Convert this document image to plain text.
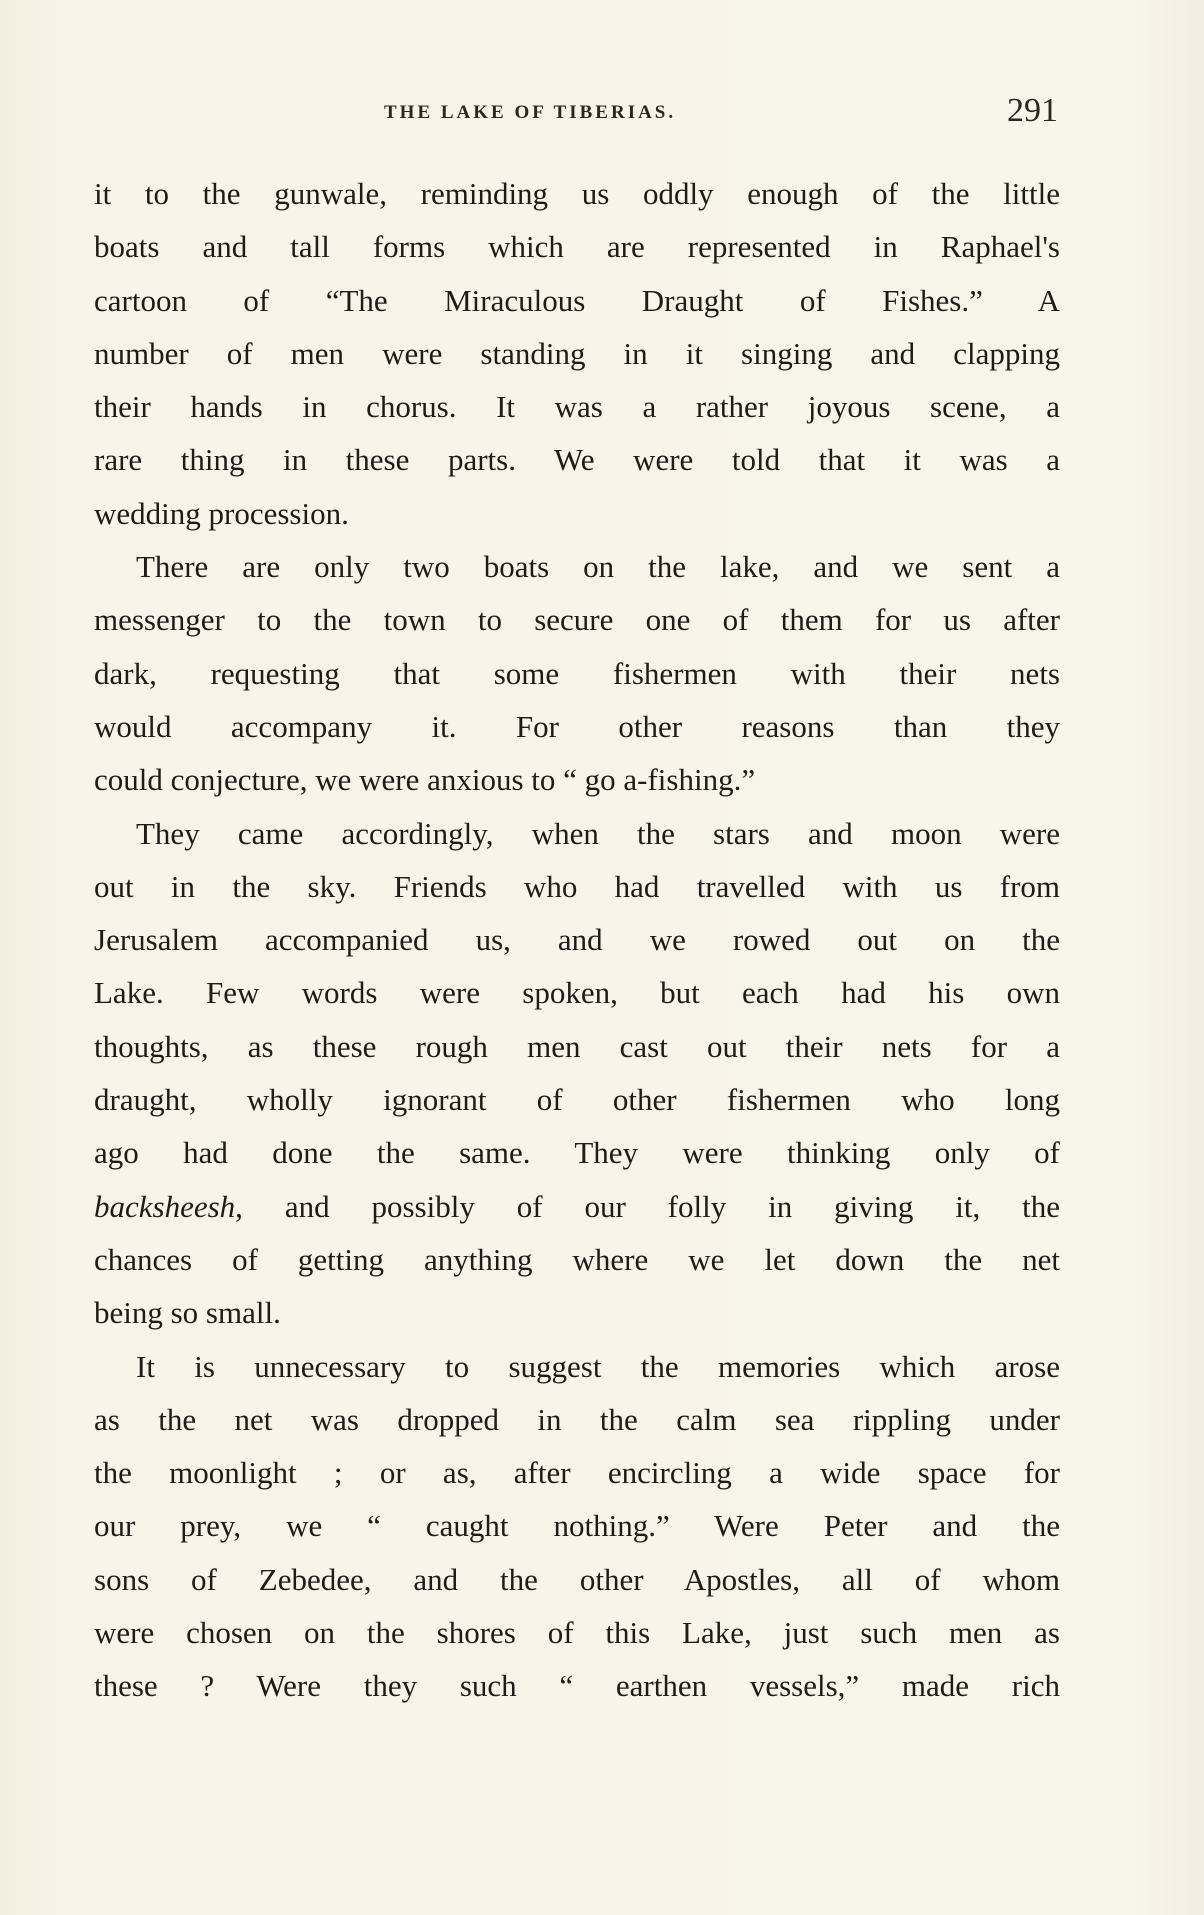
THE LAKE OF TIBERIAS.	291
it to the gunwale, reminding us oddly enough of the little
boats and tall forms which are represented in Raphael's
cartoon of “The Miraculous Draught of Fishes.” A
number of men were standing in it singing and clapping
their hands in chorus. It was a rather joyous scene, a
rare thing in these parts. We were told that it was a
wedding procession.
There are only two boats on the lake, and we sent a
messenger to the town to secure one of them for us after
dark, requesting that some fishermen with their nets
would accompany it. For other reasons than they
could conjecture, we were anxious to “ go a-fishing.”
They came accordingly, when the stars and moon were
out in the sky. Friends who had travelled with us from
Jerusalem accompanied us, and we rowed out on the
Lake. Few words were spoken, but each had his own
thoughts, as these rough men cast out their nets for a
draught, wholly ignorant of other fishermen who long
ago had done the same. They were thinking only of
backsheesh, and possibly of our folly in giving it, the
chances of getting anything where we let down the net
being so small.
It is unnecessary to suggest the memories which arose
as the net was dropped in the calm sea rippling under
the moonlight ; or as, after encircling a wide space for
our prey, we “ caught nothing.” Were Peter and the
sons of Zebedee, and the other Apostles, all of whom
were chosen on the shores of this Lake, just such men as
these ? Were they such “ earthen vessels,” made rich
